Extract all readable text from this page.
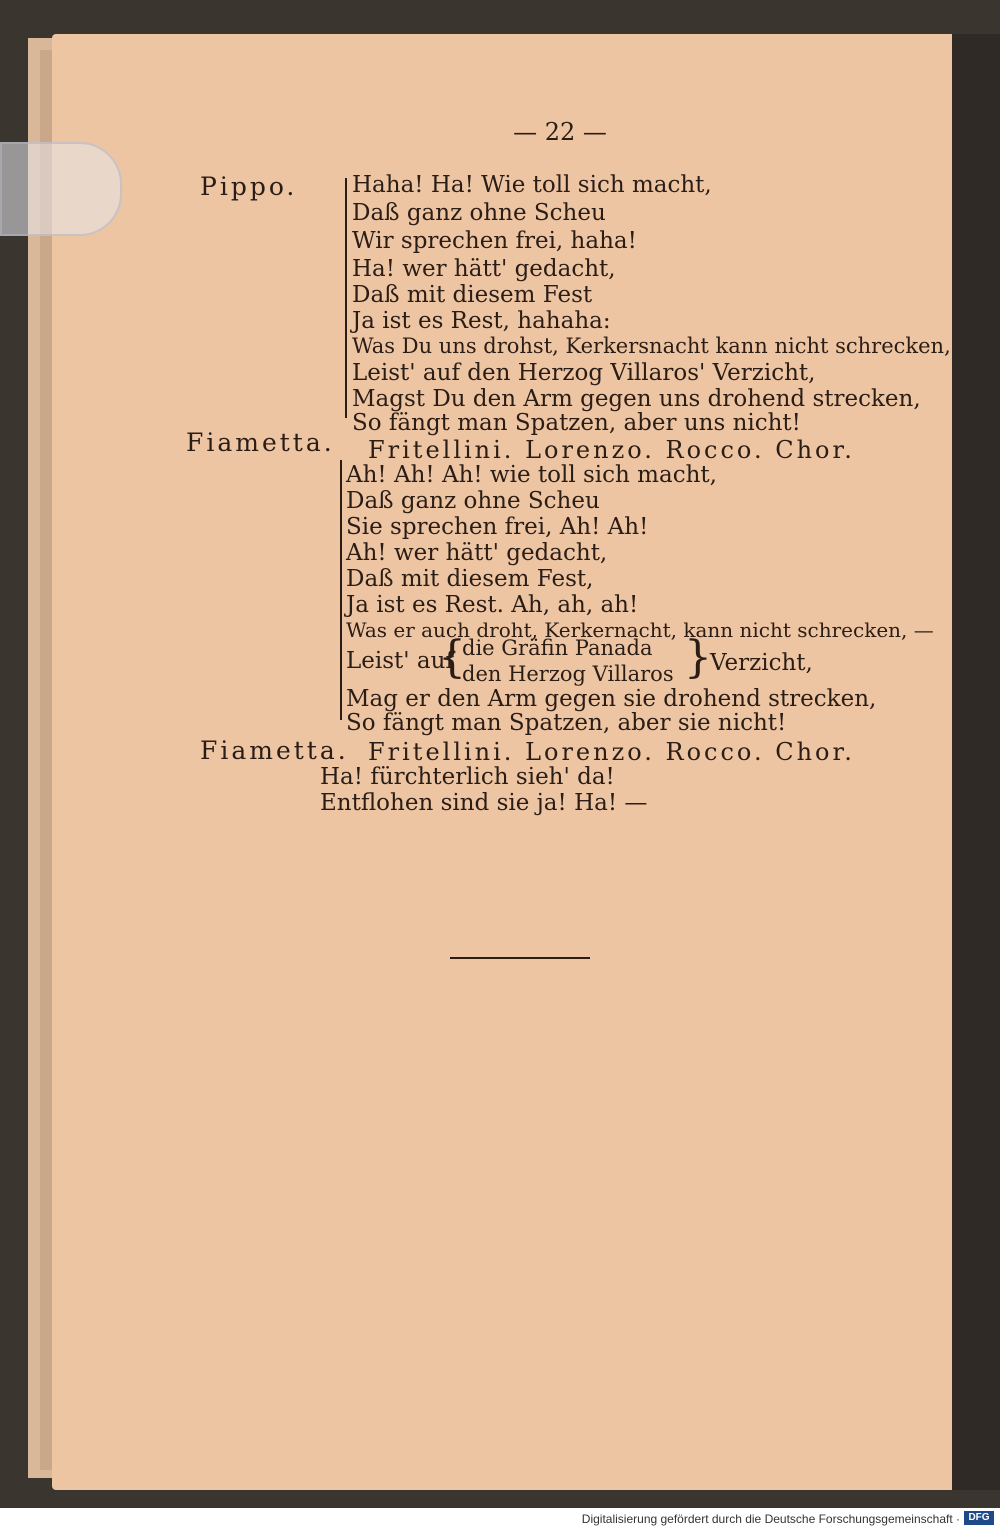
— 22 —
Pippo. Haha! Ha! Wie toll sich macht,
Daß ganz ohne Scheu
Wir sprechen frei, haha!
Ha! wer hätt' gedacht,
Daß mit diesem Fest
Ja ist es Rest, hahaha:
Was Du uns drohst, Kerkersnacht kann nicht schrecken,
Leist' auf den Herzog Villaros' Verzicht,
Magst Du den Arm gegen uns drohend strecken,
So fängt man Spatzen, aber uns nicht!
Fiametta. Fritellini. Lorenzo. Rocco. Chor.
Ah! Ah! Ah! wie toll sich macht,
Daß ganz ohne Scheu
Sie sprechen frei, Ah! Ah!
Ah! wer hätt' gedacht,
Daß mit diesem Fest,
Ja ist es Rest. Ah, ah, ah!
Was er auch droht, Kerkernacht, kann nicht schrecken, —
Leist' auf
{
die Gräfin Panada
den Herzog Villaros }
Verzicht,
Mag er den Arm gegen sie drohend strecken,
So fängt man Spatzen, aber sie nicht!
Fiametta. Fritellini. Lorenzo. Rocco. Chor.
Ha! fürchterlich sieh' da!
Entflohen sind sie ja! Ha! —
Digitalisierung gefördert durch die Deutsche Forschungsgemeinschaft · DFG
